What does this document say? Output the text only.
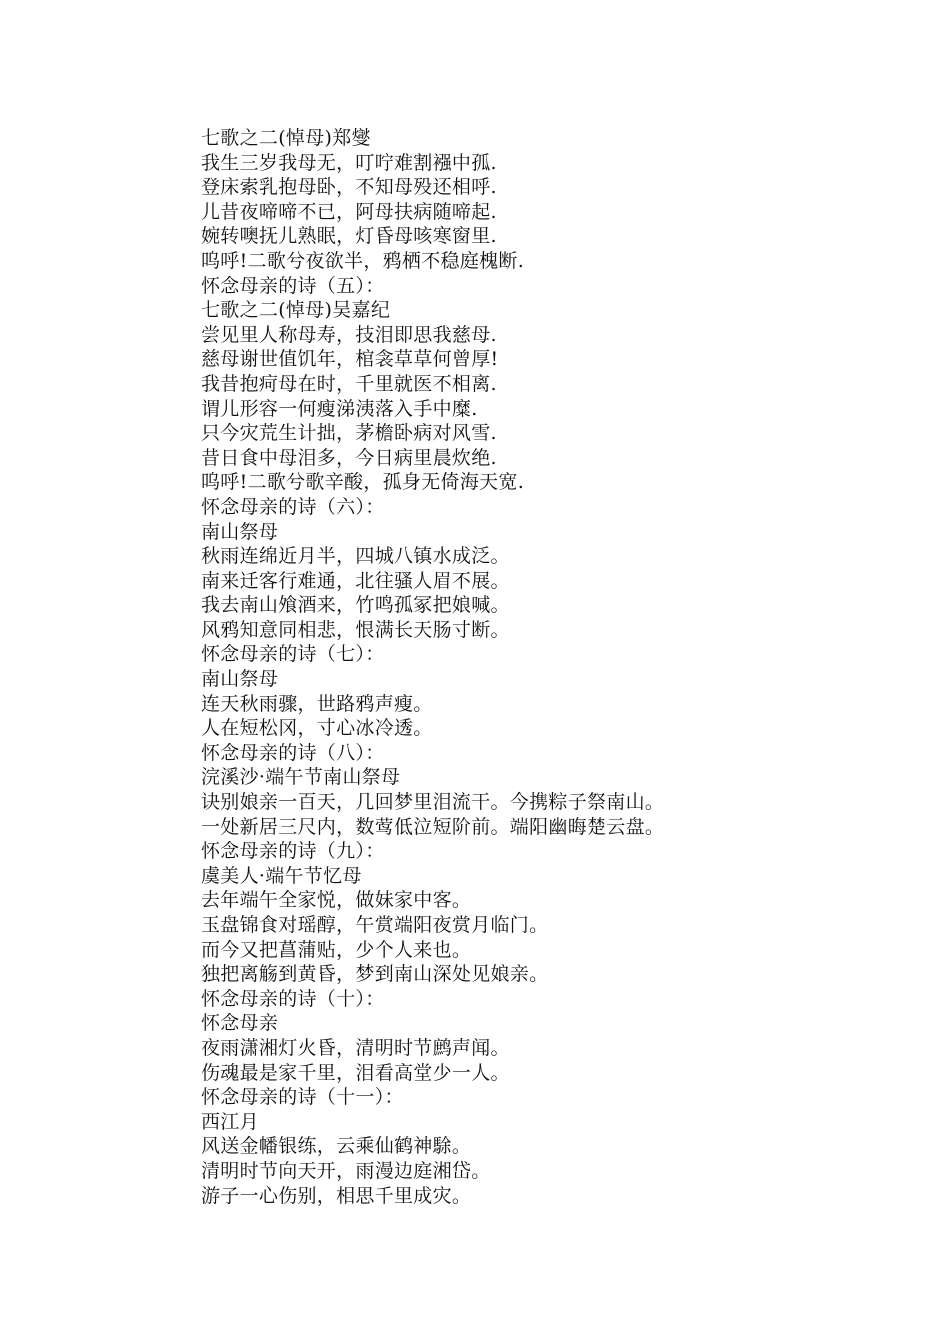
七歌之二(悼母)郑燮
我生三岁我母无，叮咛难割襁中孤.
登床索乳抱母卧，不知母殁还相呼.
儿昔夜啼啼不已，阿母扶病随啼起.
婉转噢抚儿熟眠，灯昏母咳寒窗里.
呜呼!二歌兮夜欲半，鸦栖不稳庭槐断.
怀念母亲的诗（五）：
七歌之二(悼母)吴嘉纪
尝见里人称母寿，技泪即思我慈母.
慈母谢世值饥年，棺衾草草何曾厚!
我昔抱疴母在时，千里就医不相离.
谓儿形容一何瘦涕洟落入手中糜.
只今灾荒生计拙，茅檐卧病对风雪.
昔日食中母泪多，今日病里晨炊绝.
呜呼!二歌兮歌辛酸，孤身无倚海天宽.
怀念母亲的诗（六）：
南山祭母
秋雨连绵近月半，四城八镇水成泛。
南来迁客行难通，北往骚人眉不展。
我去南山飧酒来，竹鸣孤冢把娘喊。
风鸦知意同相悲，恨满长天肠寸断。
怀念母亲的诗（七）：
南山祭母
连天秋雨骤，世路鸦声瘦。
人在短松冈，寸心冰冷透。
怀念母亲的诗（八）：
浣溪沙·端午节南山祭母
诀别娘亲一百天，几回梦里泪流干。今携粽子祭南山。
一处新居三尺内，数莺低泣短阶前。端阳幽晦楚云盘。
怀念母亲的诗（九）：
虞美人·端午节忆母
去年端午全家悦，做妹家中客。
玉盘锦食对瑶醇，午赏端阳夜赏月临门。
而今又把菖蒲贴，少个人来也。
独把离觞到黄昏，梦到南山深处见娘亲。
怀念母亲的诗（十）：
怀念母亲
夜雨潇湘灯火昏，清明时节鹧声闻。
伤魂最是家千里，泪看高堂少一人。
怀念母亲的诗（十一）：
西江月
风送金幡银练，云乘仙鹤神駼。
清明时节向天开，雨漫边庭湘岱。
游子一心伤别，相思千里成灾。
